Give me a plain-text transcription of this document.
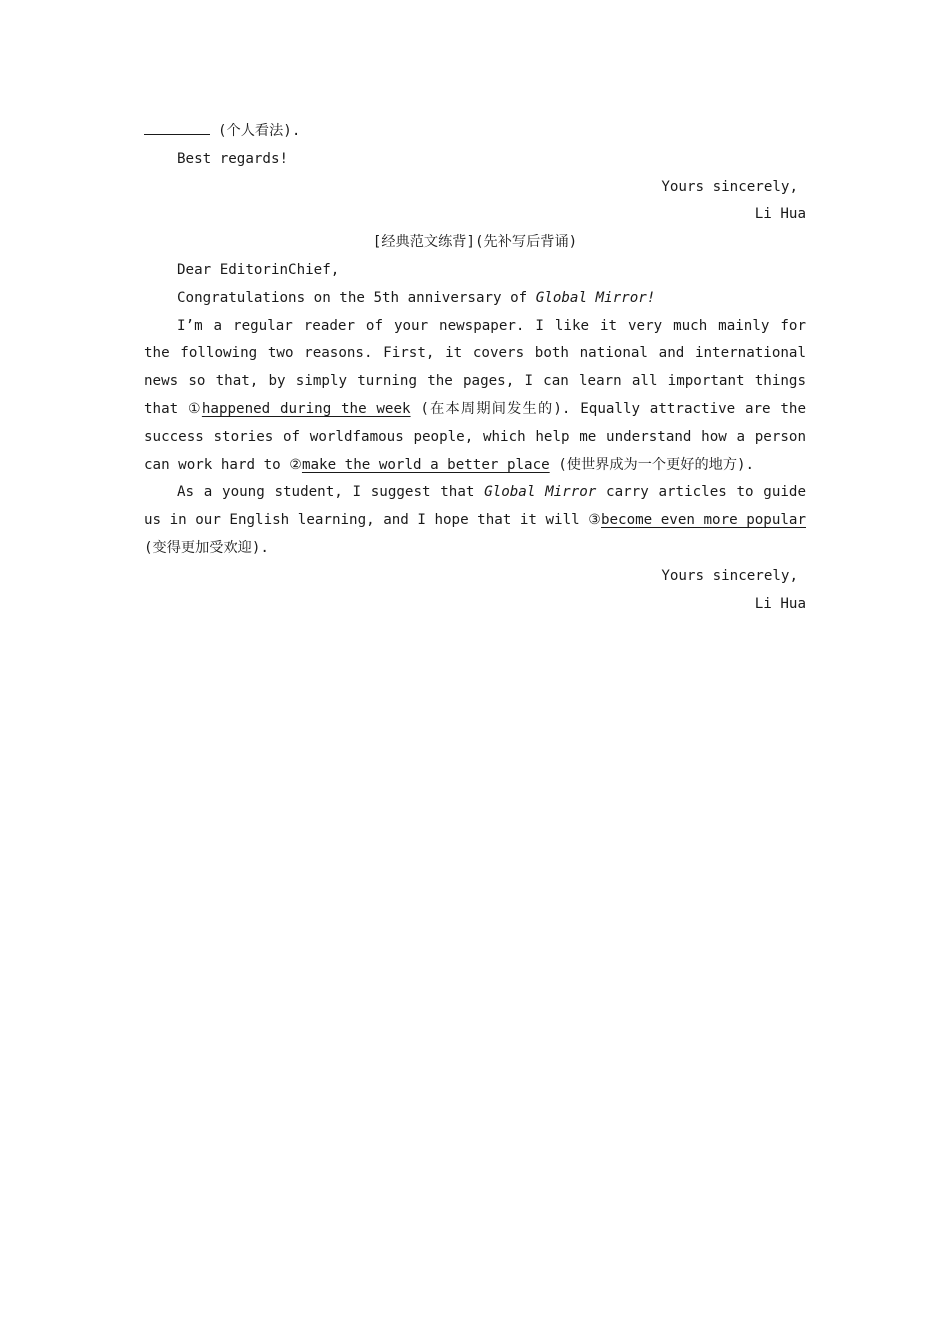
(个人看法).
Best regards!
Yours sincerely,
Li Hua
[经典范文练背](先补写后背诵)
Dear EditorinChief,
Congratulations on the 5th anniversary of Global Mirror!
I’m a regular reader of your newspaper. I like it very much mainly for the following two reasons. First, it covers both national and international news so that, by simply turning the pages, I can learn all important things that ①happened during the week (在本周期间发生的). Equally attractive are the success stories of worldfamous people, which help me understand how a person can work hard to ②make the world a better place (使世界成为一个更好的地方).
As a young student, I suggest that Global Mirror carry articles to guide us in our English learning, and I hope that it will ③become even more popular (变得更加受欢迎).
Yours sincerely,
Li Hua
